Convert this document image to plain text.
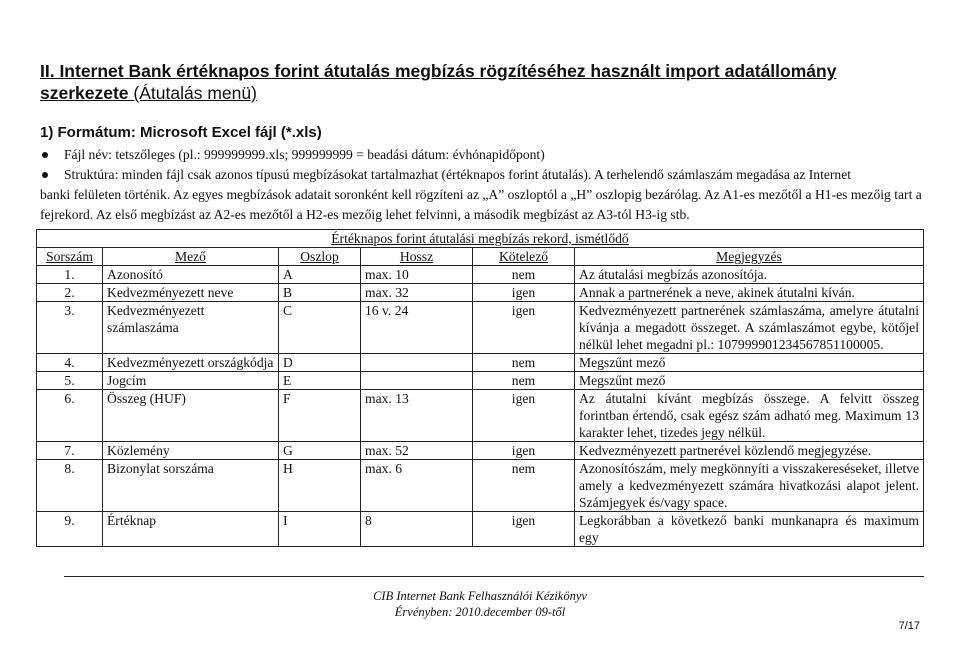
II. Internet Bank értéknapos forint átutalás megbízás rögzítéséhez használt import adatállomány
szerkezete (Átutalás menü)
1) Formátum: Microsoft Excel fájl (*.xls)
Fájl név: tetszőleges (pl.: 999999999.xls; 999999999 = beadási dátum: évhónapidőpont)
Struktúra: minden fájl csak azonos típusú megbízásokat tartalmazhat (értéknapos forint átutalás). A terhelendő számlaszám megadása az Internet
banki felületen történik. Az egyes megbízások adatait soronként kell rögzíteni az „A” oszloptól a „H” oszlopig bezárólag. Az A1-es mezőtől a H1-es mezőig tart a fejrekord. Az első megbízást az A2-es mezőtől a H2-es mezőig lehet felvinni, a második megbízást az A3-tól H3-ig stb.
Értéknapos forint átutalási megbízás rekord, ismétlődő					
Sorszám	Mező	Oszlop	Hossz	Kötelező	Megjegyzés
1.	Azonosító	A	max. 10	nem	Az átutalási megbízás azonosítója.
2.	Kedvezményezett neve	B	max. 32	igen	Annak a partnerének a neve, akinek átutalni kíván.
3.	Kedvezményezett számlaszáma	C	16 v. 24	igen	Kedvezményezett partnerének számlaszáma, amelyre átutalni kívánja a megadott összeget. A számlaszámot egybe, kötőjel nélkül lehet megadni pl.: 107999901234567851100005.
4.	Kedvezményezett országkódja	D		nem	Megszűnt mező
5.	Jogcím	E		nem	Megszűnt mező
6.	Összeg (HUF)	F	max. 13	igen	Az átutalni kívánt megbízás összege. A felvitt összeg forintban értendő, csak egész szám adható meg. Maximum 13 karakter lehet, tizedes jegy nélkül.
7.	Közlemény	G	max. 52	igen	Kedvezményezett partnerével közlendő megjegyzése.
8.	Bizonylat sorszáma	H	max. 6	nem	Azonosítószám, mely megkönnyíti a visszakereséseket, illetve amely a kedvezményezett számára hivatkozási alapot jelent. Számjegyek és/vagy space.
9.	Értéknap	I	8	igen	Legkorábban a következő banki munkanapra és maximum egy
CIB Internet Bank Felhasználói Kézikönyv
Érvényben: 2010.december 09-től
7/17
